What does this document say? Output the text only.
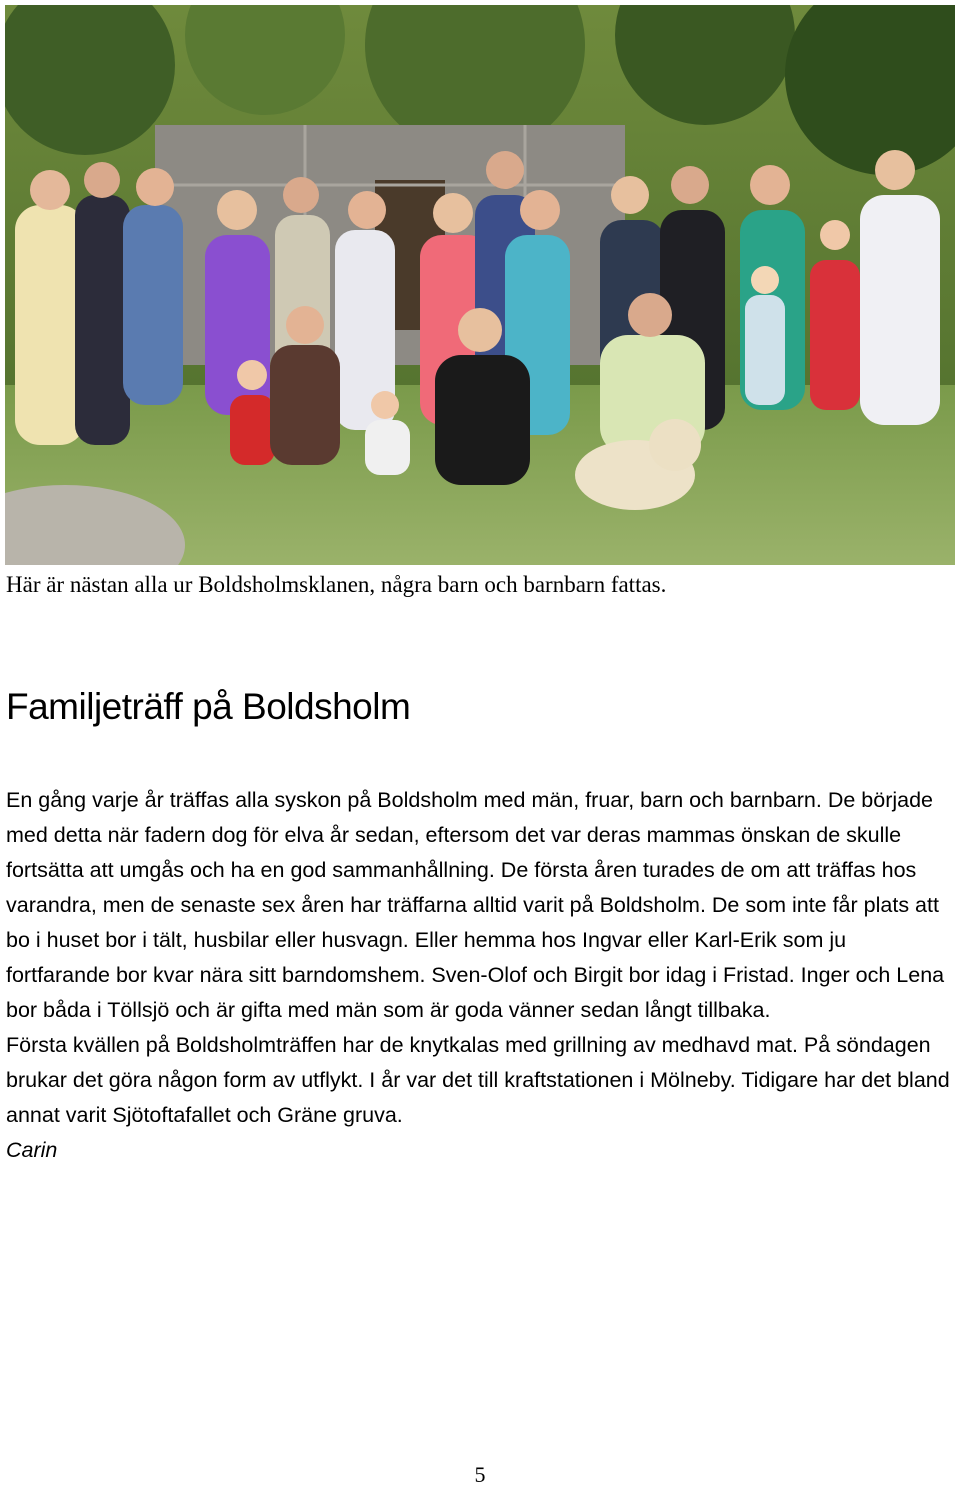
Här är nästan alla ur Boldsholmsklanen, några barn och barnbarn fattas.
Familjeträff på Boldsholm

En gång varje år träffas alla syskon på Boldsholm med män, fruar, barn och barnbarn. De började med detta när fadern dog för elva år sedan, eftersom det var deras mammas önskan de skulle fortsätta att umgås och ha en god sammanhållning. De första åren turades de om att träffas hos varandra, men de senaste sex åren har träffarna alltid varit på Boldsholm. De som inte får plats att bo i huset bor i tält, husbilar eller husvagn. Eller hemma hos Ingvar eller Karl-Erik som ju fortfarande bor kvar nära sitt barndomshem. Sven-Olof och Birgit bor idag i Fristad. Inger och Lena bor båda i Töllsjö och är gifta med män som är goda vänner sedan långt tillbaka.

Första kvällen på Boldsholmträffen har de knytkalas med grillning av medhavd mat. På söndagen brukar det göra någon form av utflykt. I år var det till kraftstationen i Mölneby. Tidigare har det bland annat varit Sjötoftafallet och Gräne gruva.

Carin

5
